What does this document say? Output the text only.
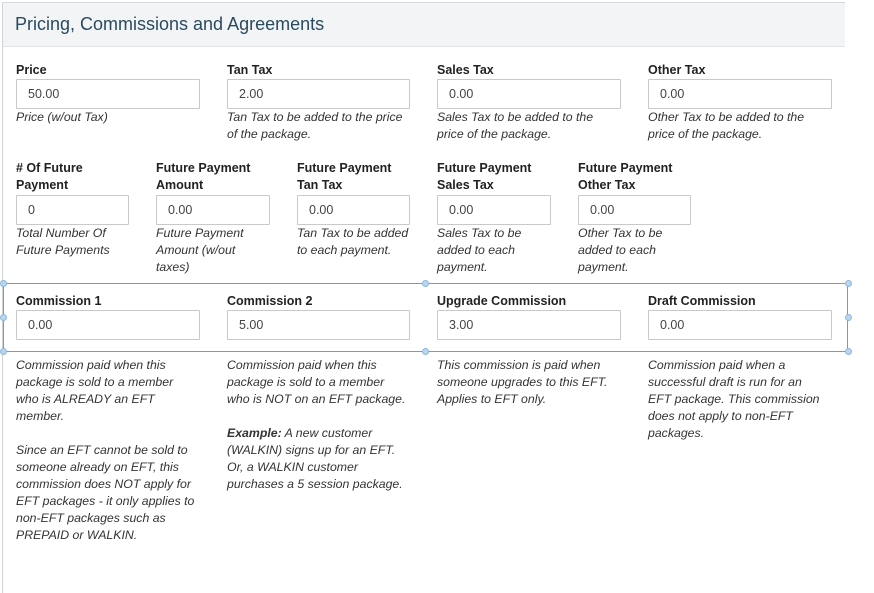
Pricing, Commissions and Agreements
Price
50.00
Price (w/out Tax)
Tan Tax
2.00
Tan Tax to be added to the price
of the package.
Sales Tax
0.00
Sales Tax to be added to the
price of the package.
Other Tax
0.00
Other Tax to be added to the
price of the package.
# Of Future
Payment
0
Total Number Of
Future Payments
Future Payment
Amount
0.00
Future Payment
Amount (w/out
taxes)
Future Payment
Tan Tax
0.00
Tan Tax to be added
to each payment.
Future Payment
Sales Tax
0.00
Sales Tax to be
added to each
payment.
Future Payment
Other Tax
0.00
Other Tax to be
added to each
payment.
Commission 1
0.00
Commission paid when this
package is sold to a member
who is ALREADY an EFT
member.
Since an EFT cannot be sold to
someone already on EFT, this
commission does NOT apply for
EFT packages - it only applies to
non-EFT packages such as
PREPAID or WALKIN.
Commission 2
5.00
Commission paid when this
package is sold to a member
who is NOT on an EFT package.
Example: A new customer
(WALKIN) signs up for an EFT.
Or, a WALKIN customer
purchases a 5 session package.
Upgrade Commission
3.00
This commission is paid when
someone upgrades to this EFT.
Applies to EFT only.
Draft Commission
0.00
Commission paid when a
successful draft is run for an
EFT package. This commission
does not apply to non-EFT
packages.
